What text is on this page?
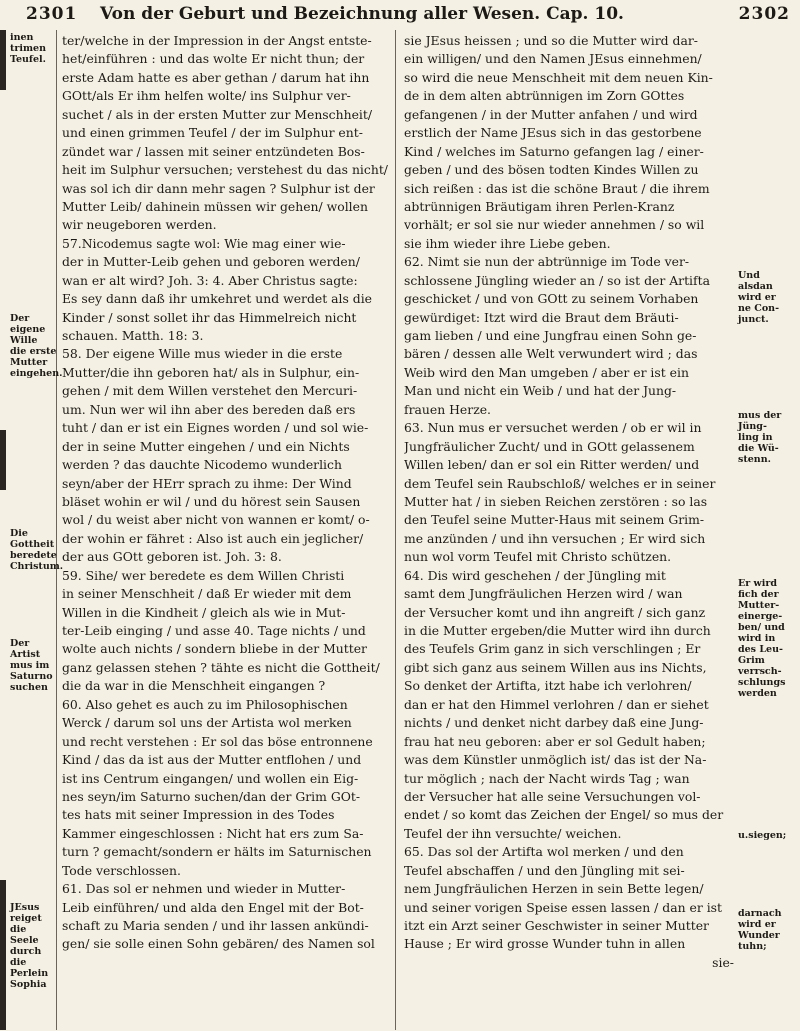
2301 Von der Geburt und Bezeichnung aller Wesen. Cap. 10.	2302
inen
trimen
Teufel.
Der
eigene
Wille
die erste
Mutter
eingehen.
Die
Gottheit
beredete
Christum.
Der
Artist
mus im
Saturno
suchen
JEsus
reiget
die Seele
durch die
Perlein
Sophia
ter/welche in der Impression in der Angst entste-
het/einführen : und das wolte Er nicht thun; der
erste Adam hatte es aber gethan / darum hat ihn
GOtt/als Er ihm helfen wolte/ ins Sulphur ver-
suchet / als in der ersten Mutter zur Menschheit/
und einen grimmen Teufel / der im Sulphur ent-
zündet war / lassen mit seiner entzündeten Bos-
heit im Sulphur versuchen; verstehest du das nicht/
was sol ich dir dann mehr sagen ? Sulphur ist der
Mutter Leib/ dahinein müssen wir gehen/ wollen
wir neugeboren werden.
57.Nicodemus sagte wol: Wie mag einer wie-
der in Mutter-Leib gehen und geboren werden/
wan er alt wird? Joh. 3: 4. Aber Christus sagte:
Es sey dann daß ihr umkehret und werdet als die
Kinder / sonst sollet ihr das Himmelreich nicht
schauen. Matth. 18: 3.
58. Der eigene Wille mus wieder in die erste
Mutter/die ihn geboren hat/ als in Sulphur, ein-
gehen / mit dem Willen verstehet den Mercuri-
um. Nun wer wil ihn aber des bereden daß ers
tuht / dan er ist ein Eignes worden / und sol wie-
der in seine Mutter eingehen / und ein Nichts
werden ? das dauchte Nicodemo wunderlich
seyn/aber der HErr sprach zu ihme: Der Wind
bläset wohin er wil / und du hörest sein Sausen
wol / du weist aber nicht von wannen er komt/ o-
der wohin er fähret : Also ist auch ein jeglicher/
der aus GOtt geboren ist. Joh. 3: 8.
59. Sihe/ wer beredete es dem Willen Christi
in seiner Menschheit / daß Er wieder mit dem
Willen in die Kindheit / gleich als wie in Mut-
ter-Leib einging / und asse 40. Tage nichts / und
wolte auch nichts / sondern bliebe in der Mutter
ganz gelassen stehen ? tähte es nicht die Gottheit/
die da war in die Menschheit eingangen ?
60. Also gehet es auch zu im Philosophischen
Werck / darum sol uns der Artista wol merken
und recht verstehen : Er sol das böse entronnene
Kind / das da ist aus der Mutter entflohen / und
ist ins Centrum eingangen/ und wollen ein Eig-
nes seyn/im Saturno suchen/dan der Grim GOt-
tes hats mit seiner Impression in des Todes
Kammer eingeschlossen : Nicht hat ers zum Sa-
turn ? gemacht/sondern er hälts im Saturnischen
Tode verschlossen.
61. Das sol er nehmen und wieder in Mutter-
Leib einführen/ und alda den Engel mit der Bot-
schaft zu Maria senden / und ihr lassen ankündi-
gen/ sie solle einen Sohn gebären/ des Namen sol
sie JEsus heissen ; und so die Mutter wird dar-
ein willigen/ und den Namen JEsus einnehmen/
so wird die neue Menschheit mit dem neuen Kin-
de in dem alten abtrünnigen im Zorn GOttes
gefangenen / in der Mutter anfahen / und wird
erstlich der Name JEsus sich in das gestorbene
Kind / welches im Saturno gefangen lag / einer-
geben / und des bösen todten Kindes Willen zu
sich reißen : das ist die schöne Braut / die ihrem
abtrünnigen Bräutigam ihren Perlen-Kranz
vorhält; er sol sie nur wieder annehmen / so wil
sie ihm wieder ihre Liebe geben.
62. Nimt sie nun der abtrünnige im Tode ver-
schlossene Jüngling wieder an / so ist der Artifta
geschicket / und von GOtt zu seinem Vorhaben
gewürdiget: Itzt wird die Braut dem Bräuti-
gam lieben / und eine Jungfrau einen Sohn ge-
bären / dessen alle Welt verwundert wird ; das
Weib wird den Man umgeben / aber er ist ein
Man und nicht ein Weib / und hat der Jung-
frauen Herze.
63. Nun mus er versuchet werden / ob er wil in
Jungfräulicher Zucht/ und in GOtt gelassenem
Willen leben/ dan er sol ein Ritter werden/ und
dem Teufel sein Raubschloß/ welches er in seiner
Mutter hat / in sieben Reichen zerstören : so las
den Teufel seine Mutter-Haus mit seinem Grim-
me anzünden / und ihn versuchen ; Er wird sich
nun wol vorm Teufel mit Christo schützen.
64. Dis wird geschehen / der Jüngling mit
samt dem Jungfräulichen Herzen wird / wan
der Versucher komt und ihn angreift / sich ganz
in die Mutter ergeben/die Mutter wird ihn durch
des Teufels Grim ganz in sich verschlingen ; Er
gibt sich ganz aus seinem Willen aus ins Nichts,
So denket der Artifta, itzt habe ich verlohren/
dan er hat den Himmel verlohren / dan er siehet
nichts / und denket nicht darbey daß eine Jung-
frau hat neu geboren: aber er sol Gedult haben;
was dem Künstler unmöglich ist/ das ist der Na-
tur möglich ; nach der Nacht wirds Tag ; wan
der Versucher hat alle seine Versuchungen vol-
endet / so komt das Zeichen der Engel/ so mus der
Teufel der ihn versuchte/ weichen.
65. Das sol der Artifta wol merken / und den
Teufel abschaffen / und den Jüngling mit sei-
nem Jungfräulichen Herzen in sein Bette legen/
und seiner vorigen Speise essen lassen / dan er ist
itzt ein Arzt seiner Geschwister in seiner Mutter
Hause ; Er wird grosse Wunder tuhn in allen
sie-
Und
alsdan
wird er
ne Con-
junct.
mus der
Jüng-
ling in
die Wü-
stenn.
Er wird
fich der
Mutter-
einerge-
ben/ und
wird in
des Leu-
Grim
verrsch-
schlungs
werden
u.siegen;
darnach
wird er
Wunder
tuhn;
